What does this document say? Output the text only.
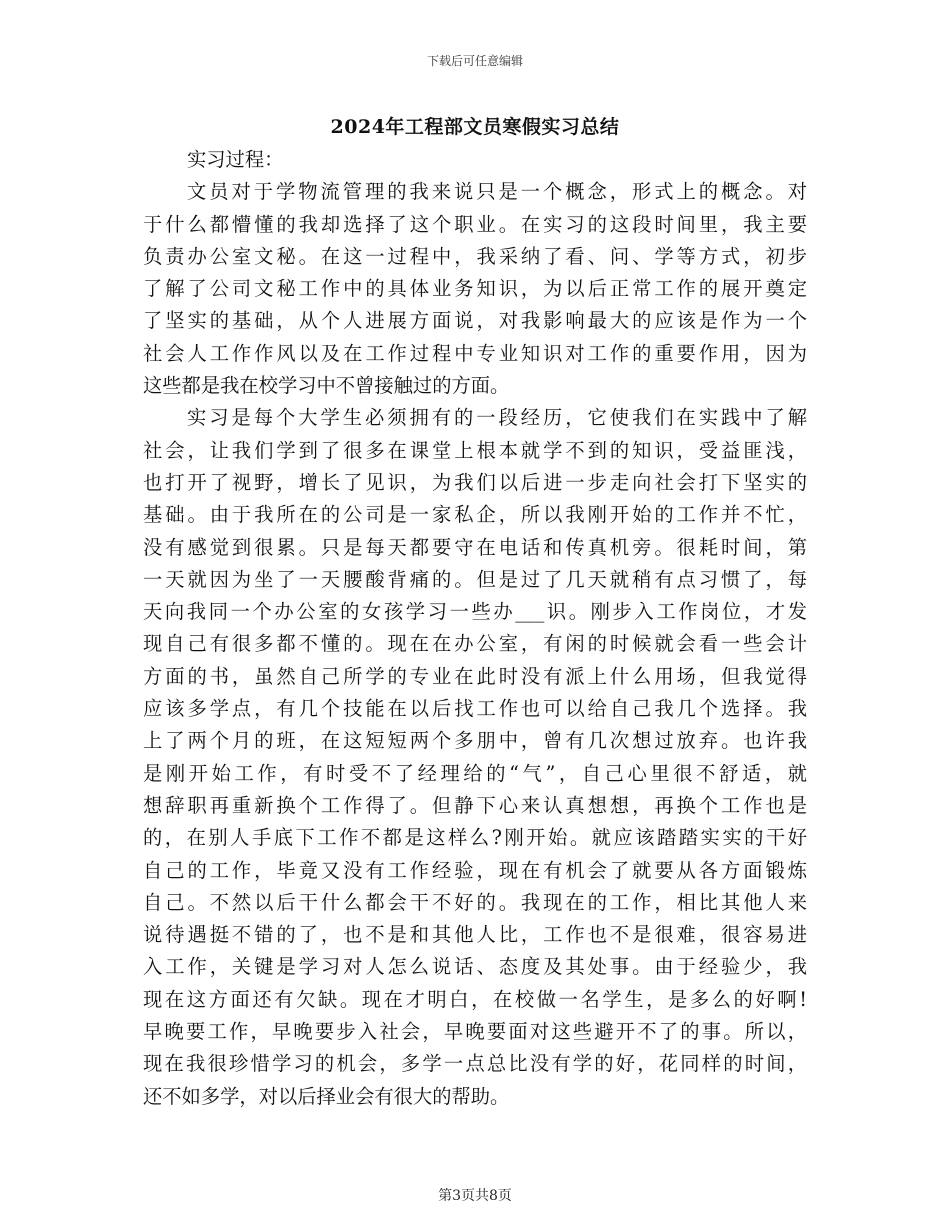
下载后可任意编辑
2024年工程部文员寒假实习总结
实习过程：
文员对于学物流管理的我来说只是一个概念，形式上的概念。对
于什么都懵懂的我却选择了这个职业。在实习的这段时间里，我主要
负责办公室文秘。在这一过程中，我采纳了看、问、学等方式，初步
了解了公司文秘工作中的具体业务知识，为以后正常工作的展开奠定
了坚实的基础，从个人进展方面说，对我影响最大的应该是作为一个
社会人工作作风以及在工作过程中专业知识对工作的重要作用，因为
这些都是我在校学习中不曾接触过的方面。
实习是每个大学生必须拥有的一段经历，它使我们在实践中了解
社会，让我们学到了很多在课堂上根本就学不到的知识，受益匪浅，
也打开了视野，增长了见识，为我们以后进一步走向社会打下坚实的
基础。由于我所在的公司是一家私企，所以我刚开始的工作并不忙，
没有感觉到很累。只是每天都要守在电话和传真机旁。很耗时间，第
一天就因为坐了一天腰酸背痛的。但是过了几天就稍有点习惯了，每
天向我同一个办公室的女孩学习一些办___识。刚步入工作岗位，才发
现自己有很多都不懂的。现在在办公室，有闲的时候就会看一些会计
方面的书，虽然自己所学的专业在此时没有派上什么用场，但我觉得
应该多学点，有几个技能在以后找工作也可以给自己我几个选择。我
上了两个月的班，在这短短两个多朋中，曾有几次想过放弃。也许我
是刚开始工作，有时受不了经理给的“气”，自己心里很不舒适，就
想辞职再重新换个工作得了。但静下心来认真想想，再换个工作也是
的，在别人手底下工作不都是这样么?刚开始。就应该踏踏实实的干好
自己的工作，毕竟又没有工作经验，现在有机会了就要从各方面锻炼
自己。不然以后干什么都会干不好的。我现在的工作，相比其他人来
说待遇挺不错的了，也不是和其他人比，工作也不是很难，很容易进
入工作，关键是学习对人怎么说话、态度及其处事。由于经验少，我
现在这方面还有欠缺。现在才明白，在校做一名学生，是多么的好啊!
早晚要工作，早晚要步入社会，早晚要面对这些避开不了的事。所以，
现在我很珍惜学习的机会，多学一点总比没有学的好，花同样的时间，
还不如多学，对以后择业会有很大的帮助。
第3页共8页
